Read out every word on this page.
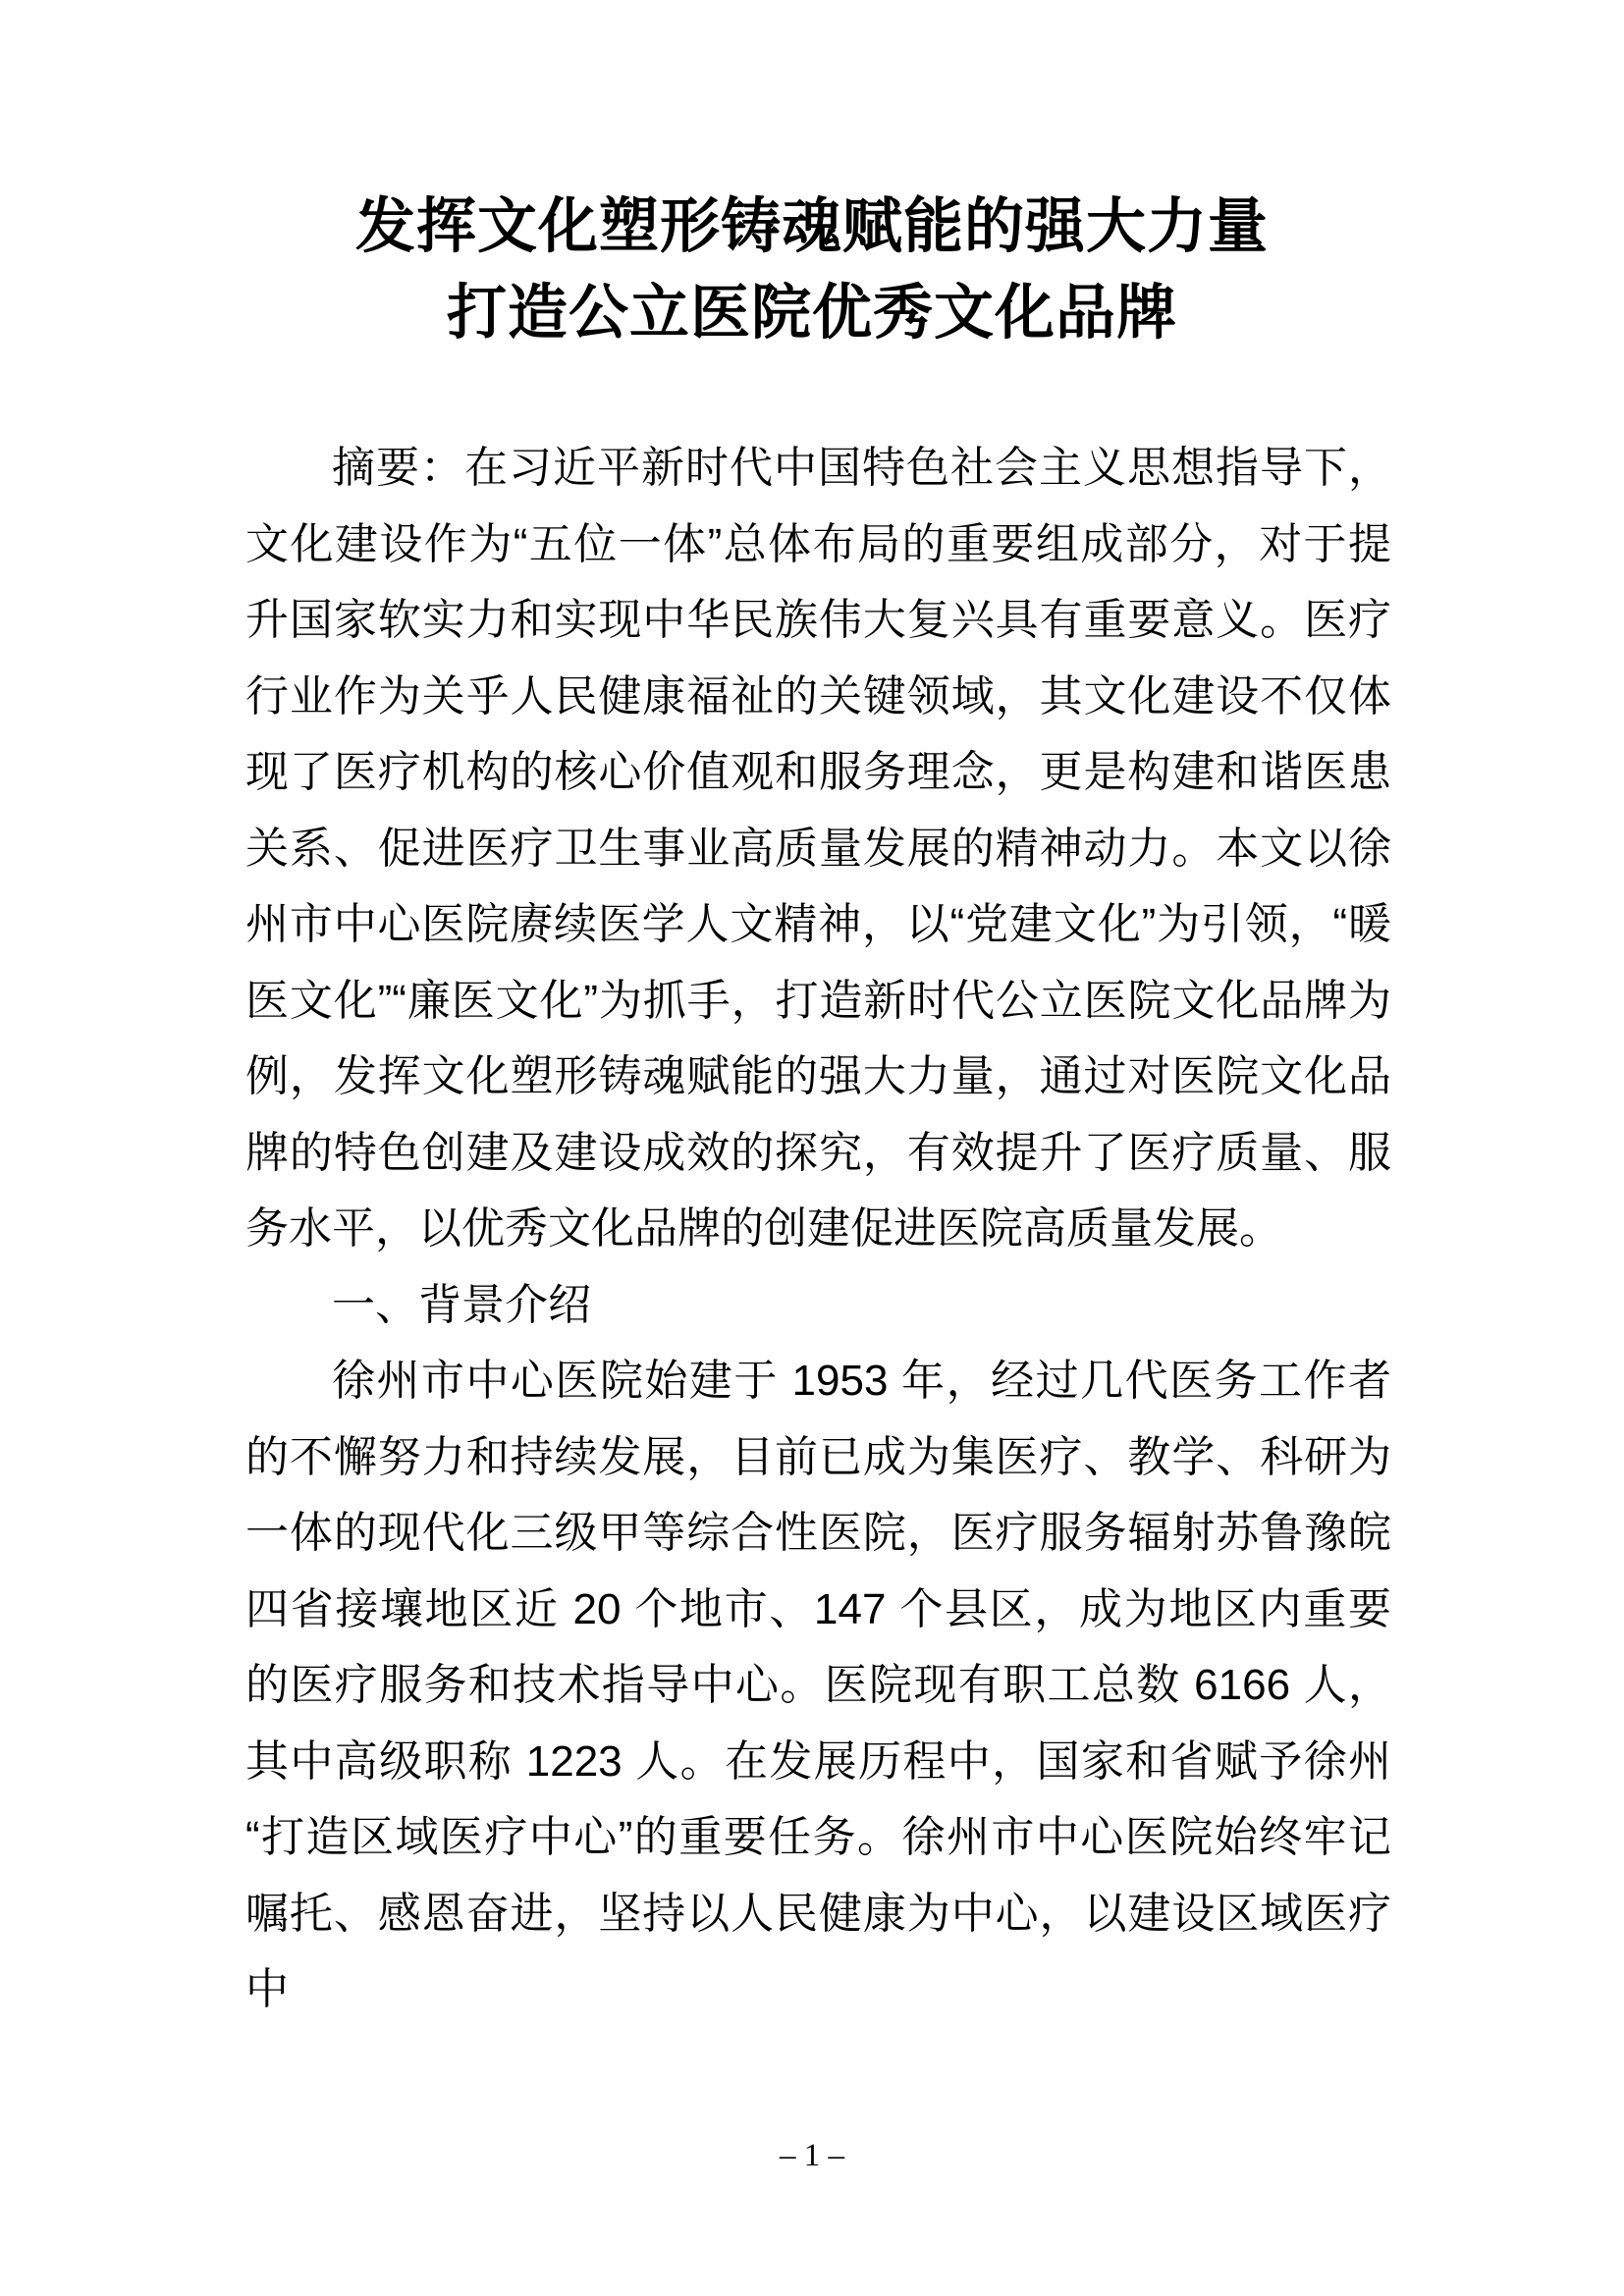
发挥文化塑形铸魂赋能的强大力量
打造公立医院优秀文化品牌

摘要：在习近平新时代中国特色社会主义思想指导下，文化建设作为“五位一体”总体布局的重要组成部分，对于提升国家软实力和实现中华民族伟大复兴具有重要意义。医疗行业作为关乎人民健康福祉的关键领域，其文化建设不仅体现了医疗机构的核心价值观和服务理念，更是构建和谐医患关系、促进医疗卫生事业高质量发展的精神动力。本文以徐州市中心医院赓续医学人文精神，以“党建文化”为引领，“暖医文化”“廉医文化”为抓手，打造新时代公立医院文化品牌为例，发挥文化塑形铸魂赋能的强大力量，通过对医院文化品牌的特色创建及建设成效的探究，有效提升了医疗质量、服务水平，以优秀文化品牌的创建促进医院高质量发展。

一、背景介绍

徐州市中心医院始建于 1953 年，经过几代医务工作者的不懈努力和持续发展，目前已成为集医疗、教学、科研为一体的现代化三级甲等综合性医院，医疗服务辐射苏鲁豫皖四省接壤地区近 20 个地市、147 个县区，成为地区内重要的医疗服务和技术指导中心。医院现有职工总数 6166 人，其中高级职称 1223 人。在发展历程中，国家和省赋予徐州“打造区域医疗中心”的重要任务。徐州市中心医院始终牢记嘱托、感恩奋进，坚持以人民健康为中心，以建设区域医疗中

– 1 –
